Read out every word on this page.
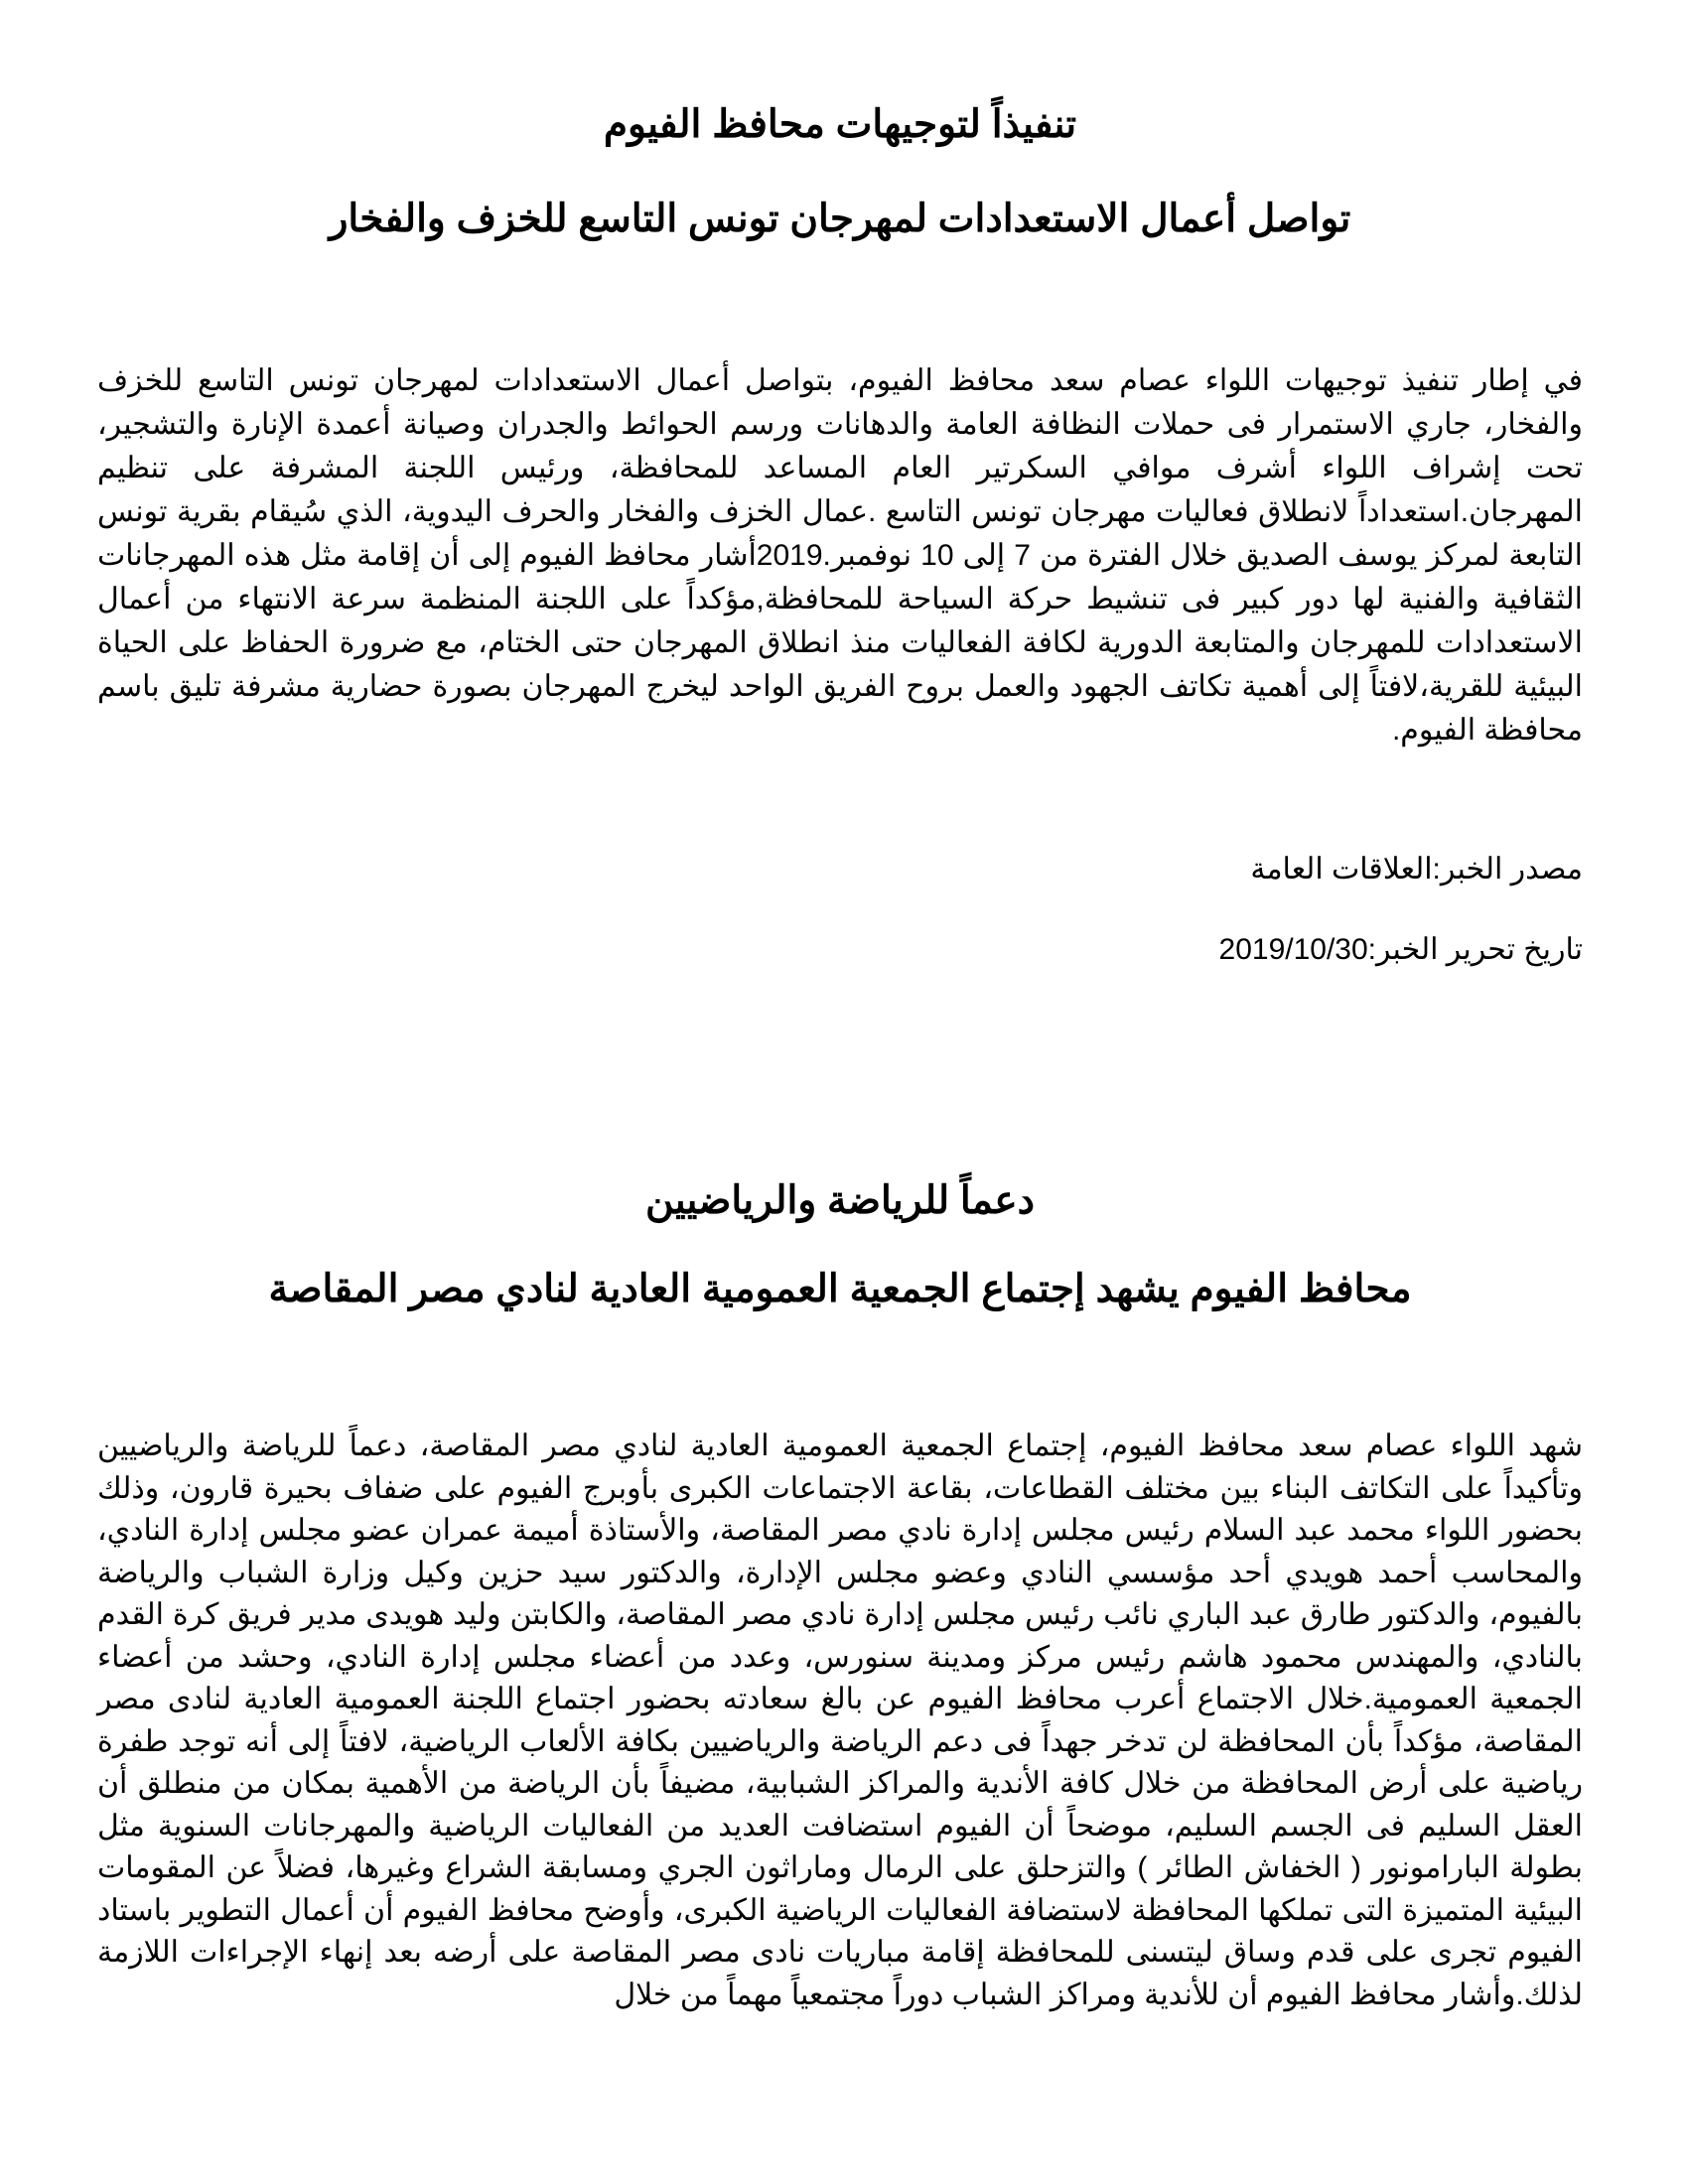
تنفيذاً لتوجيهات محافظ الفيوم
تواصل أعمال الاستعدادات لمهرجان تونس التاسع للخزف والفخار

في إطار تنفيذ توجيهات اللواء عصام سعد محافظ الفيوم، بتواصل أعمال الاستعدادات لمهرجان تونس التاسع للخزف والفخار، جاري الاستمرار فى حملات النظافة العامة والدهانات ورسم الحوائط والجدران وصيانة أعمدة الإنارة والتشجير، تحت إشراف اللواء أشرف موافي السكرتير العام المساعد للمحافظة، ورئيس اللجنة المشرفة على تنظيم المهرجان.استعداداً لانطلاق فعاليات مهرجان تونس التاسع .عمال الخزف والفخار والحرف اليدوية، الذي سُيقام بقرية تونس التابعة لمركز يوسف الصديق خلال الفترة من 7 إلى 10 نوفمبر.2019أشار محافظ الفيوم إلى أن إقامة مثل هذه المهرجانات الثقافية والفنية لها دور كبير فى تنشيط حركة السياحة للمحافظة,مؤكداً على اللجنة المنظمة سرعة الانتهاء من أعمال الاستعدادات للمهرجان والمتابعة الدورية لكافة الفعاليات منذ انطلاق المهرجان حتى الختام، مع ضرورة الحفاظ على الحياة البيئية للقرية،لافتاً إلى أهمية تكاتف الجهود والعمل بروح الفريق الواحد ليخرج المهرجان بصورة حضارية مشرفة تليق باسم محافظة الفيوم.

مصدر الخبر:العلاقات العامة

تاريخ تحرير الخبر:2019/10/30

دعماً للرياضة والرياضيين
محافظ الفيوم يشهد إجتماع الجمعية العمومية العادية لنادي مصر المقاصة

شهد اللواء عصام سعد محافظ الفيوم، إجتماع الجمعية العمومية العادية لنادي مصر المقاصة، دعماً للرياضة والرياضيين وتأكيداً على التكاتف البناء بين مختلف القطاعات، بقاعة الاجتماعات الكبرى بأوبرج الفيوم على ضفاف بحيرة قارون، وذلك بحضور اللواء محمد عبد السلام رئيس مجلس إدارة نادي مصر المقاصة، والأستاذة أميمة عمران عضو مجلس إدارة النادي، والمحاسب أحمد هويدي أحد مؤسسي النادي وعضو مجلس الإدارة، والدكتور سيد حزين وكيل وزارة الشباب والرياضة بالفيوم، والدكتور طارق عبد الباري نائب رئيس مجلس إدارة نادي مصر المقاصة، والكابتن وليد هويدى مدير فريق كرة القدم بالنادي، والمهندس محمود هاشم رئيس مركز ومدينة سنورس، وعدد من أعضاء مجلس إدارة النادي، وحشد من أعضاء الجمعية العمومية.خلال الاجتماع أعرب محافظ الفيوم عن بالغ سعادته بحضور اجتماع اللجنة العمومية العادية لنادى مصر المقاصة، مؤكداً بأن المحافظة لن تدخر جهداً فى دعم الرياضة والرياضيين بكافة الألعاب الرياضية، لافتاً إلى أنه توجد طفرة رياضية على أرض المحافظة من خلال كافة الأندية والمراكز الشبابية، مضيفاً بأن الرياضة من الأهمية بمكان من منطلق أن العقل السليم فى الجسم السليم، موضحاً أن الفيوم استضافت العديد من الفعاليات الرياضية والمهرجانات السنوية مثل بطولة البارامونور ( الخفاش الطائر ) والتزحلق على الرمال وماراثون الجري ومسابقة الشراع وغيرها، فضلاً عن المقومات البيئية المتميزة التى تملكها المحافظة لاستضافة الفعاليات الرياضية الكبرى، وأوضح محافظ الفيوم أن أعمال التطوير باستاد الفيوم تجرى على قدم وساق ليتسنى للمحافظة إقامة مباريات نادى مصر المقاصة على أرضه بعد إنهاء الإجراءات اللازمة لذلك.وأشار محافظ الفيوم أن للأندية ومراكز الشباب دوراً مجتمعياً مهماً من خلال
